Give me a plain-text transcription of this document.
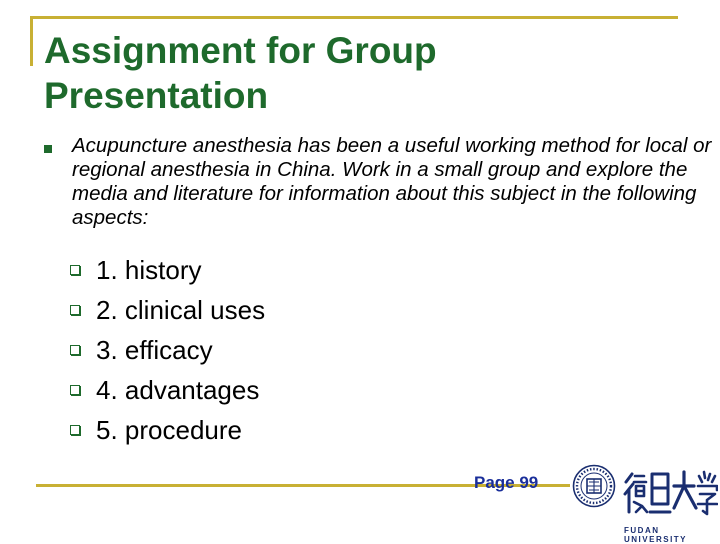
Assignment for Group
Presentation

Acupuncture anesthesia has been a useful working method for local or regional anesthesia in China. Work in a small group and explore the media and literature for information about this subject in the following aspects:

1. history
2. clinical uses
3. efficacy
4. advantages
5. procedure
Page 99
FUDAN UNIVERSITY
